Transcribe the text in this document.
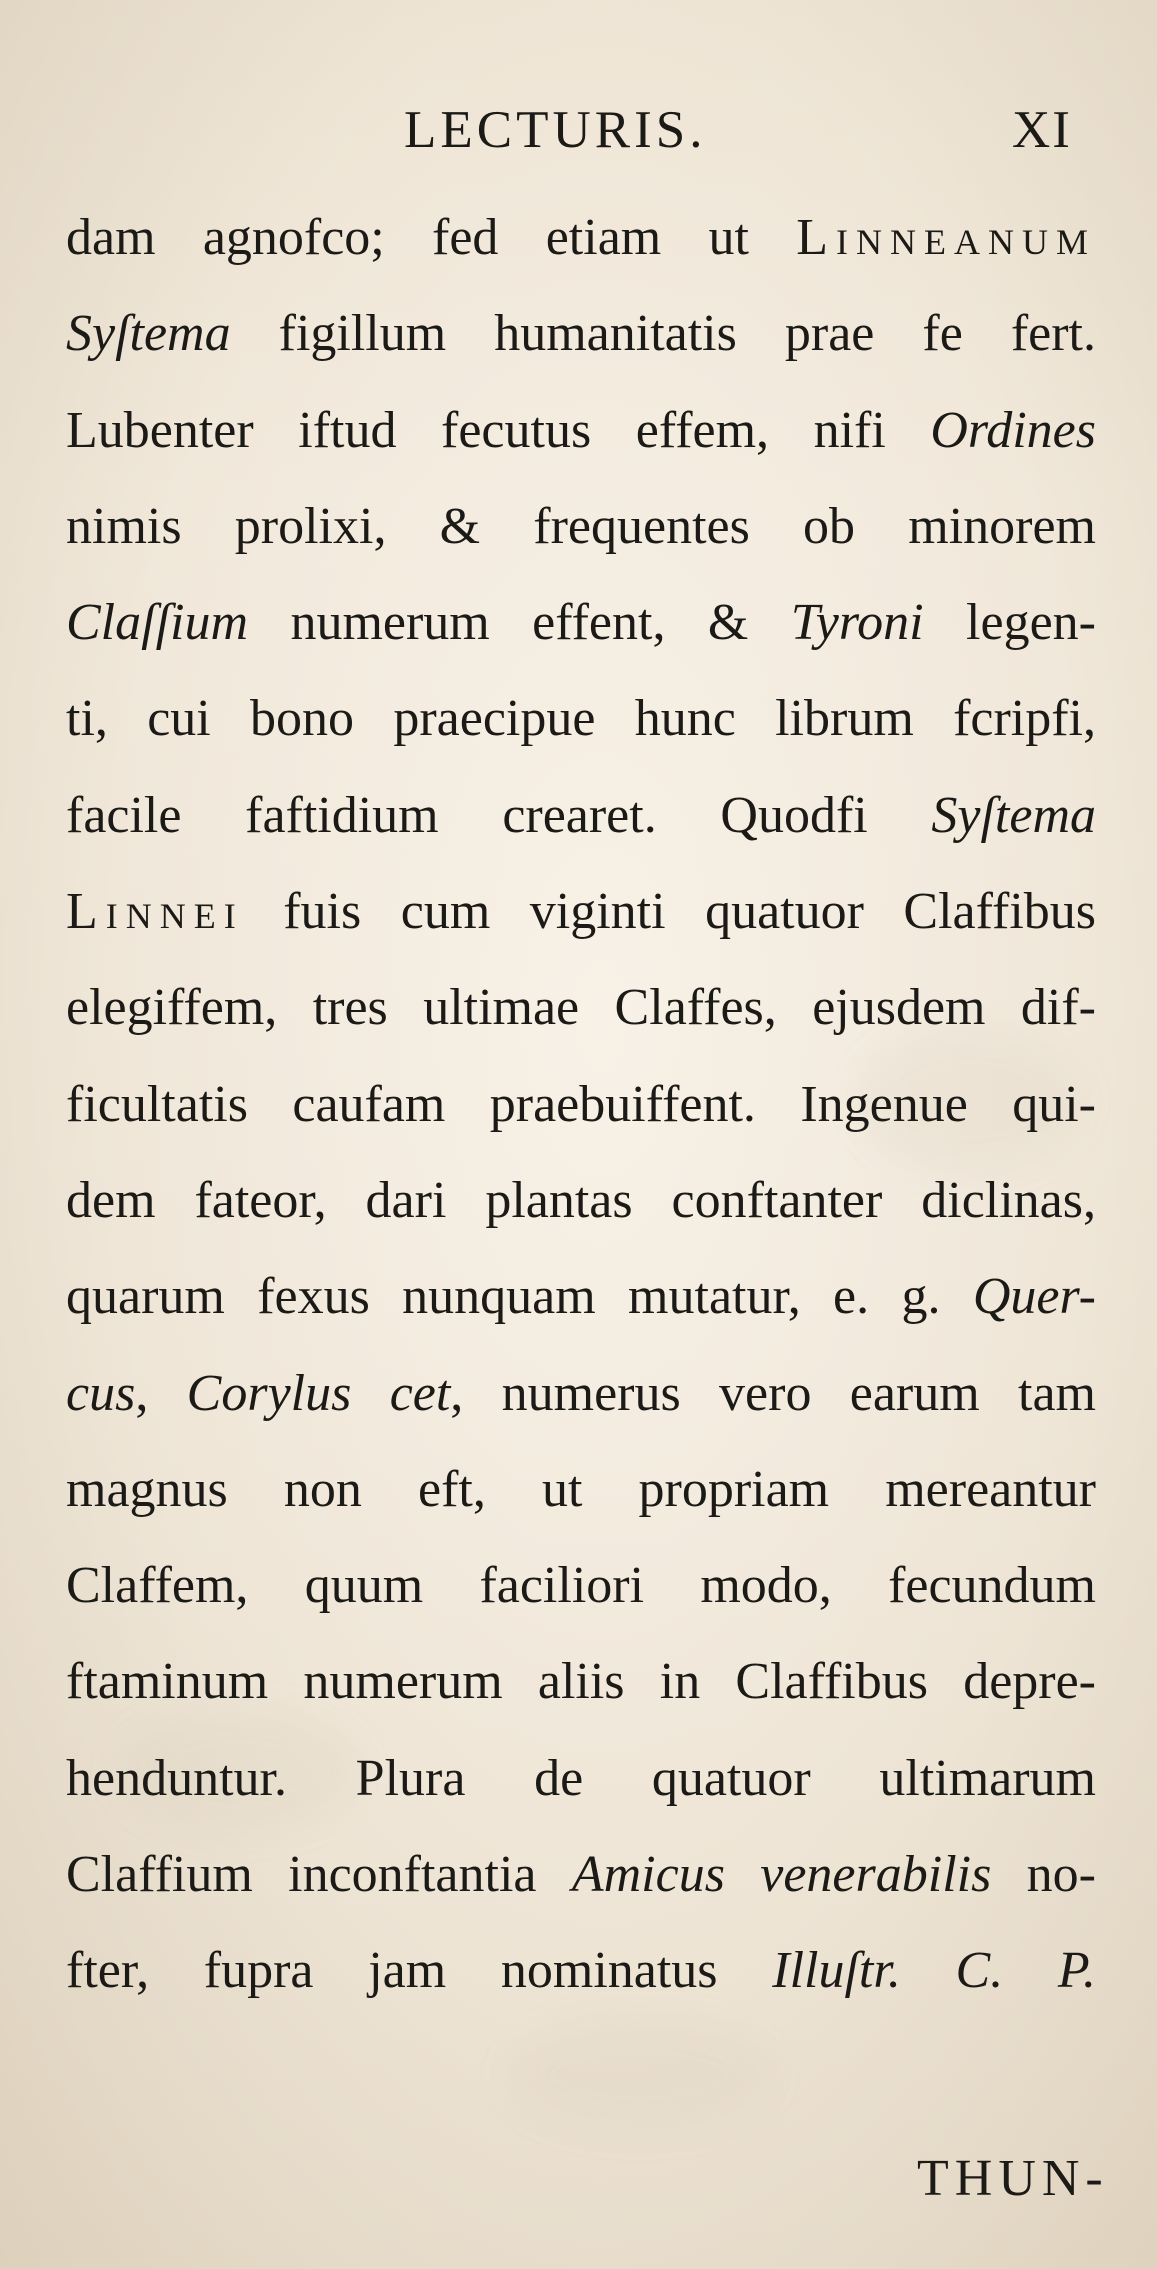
LECTURIS.	XI
dam agnofco; fed etiam ut Linneanum
Syſtema figillum humanitatis prae fe fert.
Lubenter iftud fecutus effem, nifi Ordines
nimis prolixi, & frequentes ob minorem
Claſſium numerum effent, & Tyroni legen-
ti, cui bono praecipue hunc librum fcripfi,
facile faftidium crearet. Quodfi Syſtema
Linnei fuis cum viginti quatuor Claffibus
elegiffem, tres ultimae Claffes, ejusdem dif-
ficultatis caufam praebuiffent. Ingenue qui-
dem fateor, dari plantas conftanter diclinas,
quarum fexus nunquam mutatur, e. g. Quer-
cus, Corylus cet, numerus vero earum tam
magnus non eft, ut propriam mereantur
Claffem, quum faciliori modo, fecundum
ftaminum numerum aliis in Claffibus depre-
henduntur. Plura de quatuor ultimarum
Claffium inconftantia Amicus venerabilis no-
fter, fupra jam nominatus Illuſtr. C. P.
THUN-
